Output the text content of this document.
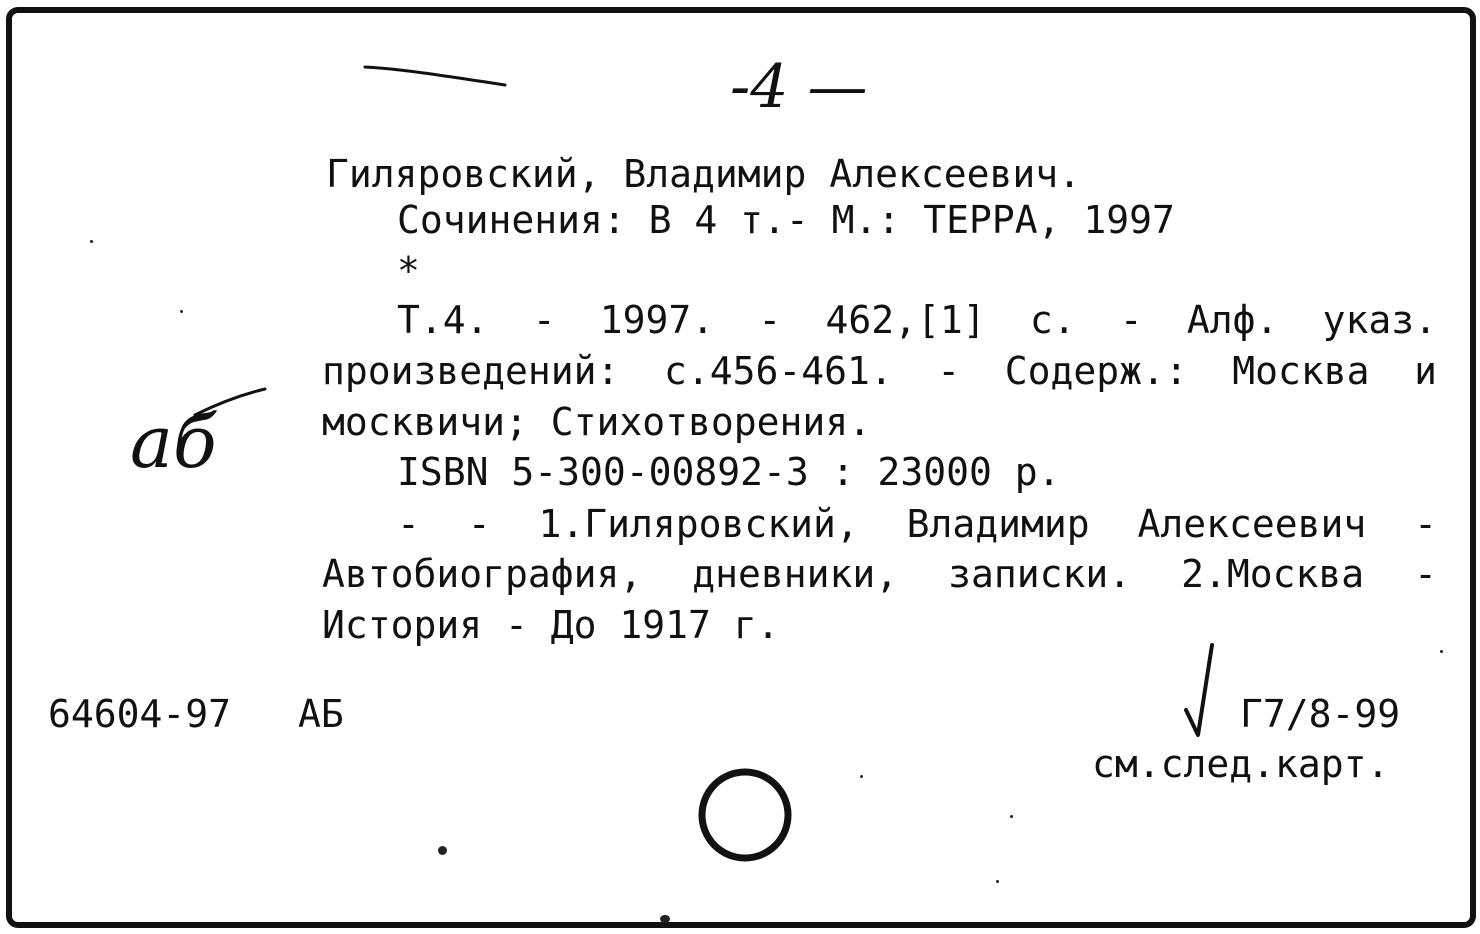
-4 —
Гиляровский, Владимир Алексеевич.
Сочинения: В 4 т.- М.: ТЕРРА, 1997
*
Т.4. - 1997. - 462,[1] с. - Алф. указ.
произведений: с.456-461. - Содерж.: Москва и
москвичи; Стихотворения.
ISBN 5-300-00892-3 : 23000 р.
- - 1.Гиляровский, Владимир Алексеевич -
Автобиография, дневники, записки. 2.Москва -
История - До 1917 г.
аб
64604-97 АБ	Г7/8-99
см.след.карт.
